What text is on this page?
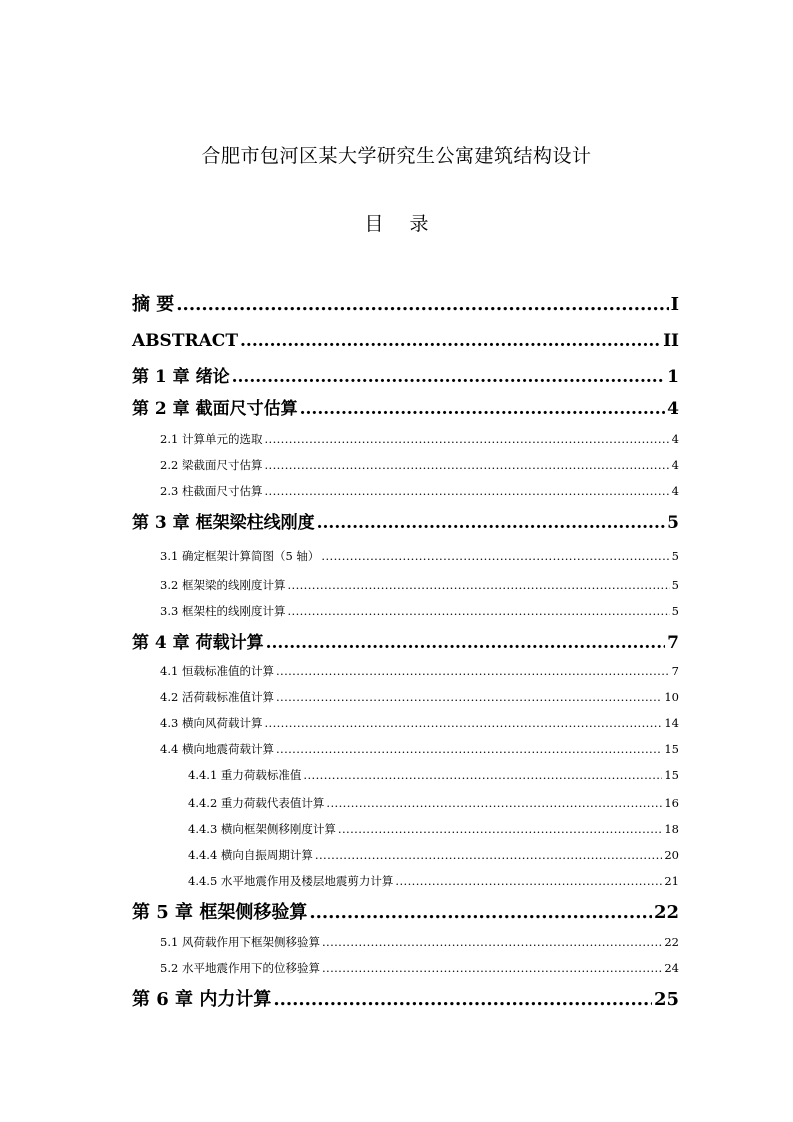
合肥市包河区某大学研究生公寓建筑结构设计
目录
摘 要 .....	I
ABSTRACT .....	II
第 1 章 绪论 .....	1
第 2 章 截面尺寸估算 .....	4
2.1 计算单元的选取 .....	4
2.2 梁截面尺寸估算 .....	4
2.3 柱截面尺寸估算 .....	4
第 3 章 框架梁柱线刚度 .....	5
3.1 确定框架计算简图（5 轴） .....	5
3.2 框架梁的线刚度计算 .....	5
3.3 框架柱的线刚度计算 .....	5
第 4 章 荷载计算 .....	7
4.1 恒载标准值的计算 .....	7
4.2 活荷载标准值计算 .....	10
4.3 横向风荷载计算 .....	14
4.4 横向地震荷载计算 .....	15
4.4.1 重力荷载标准值 .....	15
4.4.2 重力荷载代表值计算 .....	16
4.4.3 横向框架侧移刚度计算 .....	18
4.4.4 横向自振周期计算 .....	20
4.4.5 水平地震作用及楼层地震剪力计算 .....	21
第 5 章 框架侧移验算 .....	22
5.1 风荷载作用下框架侧移验算 .....	22
5.2 水平地震作用下的位移验算 .....	24
第 6 章 内力计算 .....	25
